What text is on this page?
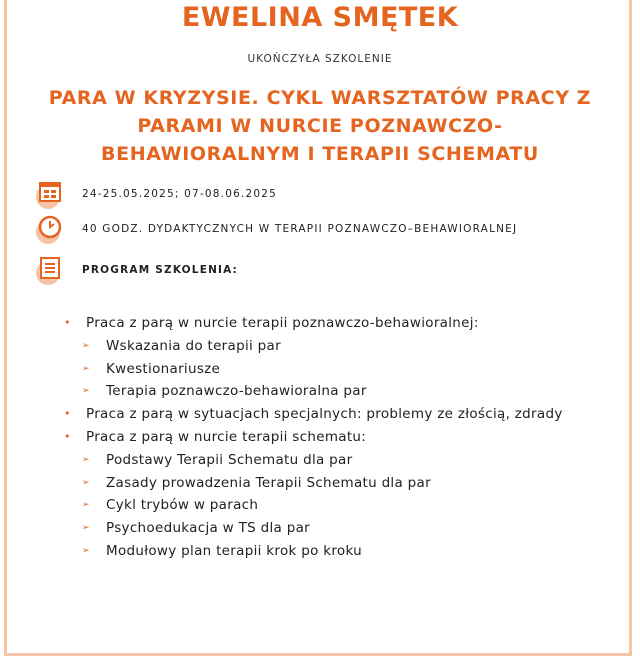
EWELINA SMĘTEK
UKOŃCZYŁA SZKOLENIE
PARA W KRYZYSIE. CYKL WARSZTATÓW PRACY Z PARAMI W NURCIE POZNAWCZO-BEHAWIORALNYM I TERAPII SCHEMATU
24-25.05.2025; 07-08.06.2025
40 GODZ. DYDAKTYCZNYCH W TERAPII POZNAWCZO–BEHAWIORALNEJ
PROGRAM SZKOLENIA:
• Praca z parą w nurcie terapii poznawczo-behawioralnej:
➢ Wskazania do terapii par
➢ Kwestionariusze
➢ Terapia poznawczo-behawioralna par
• Praca z parą w sytuacjach specjalnych: problemy ze złością, zdrady
• Praca z parą w nurcie terapii schematu:
➢ Podstawy Terapii Schematu dla par
➢ Zasady prowadzenia Terapii Schematu dla par
➢ Cykl trybów w parach
➢ Psychoedukacja w TS dla par
➢ Modułowy plan terapii krok po kroku
